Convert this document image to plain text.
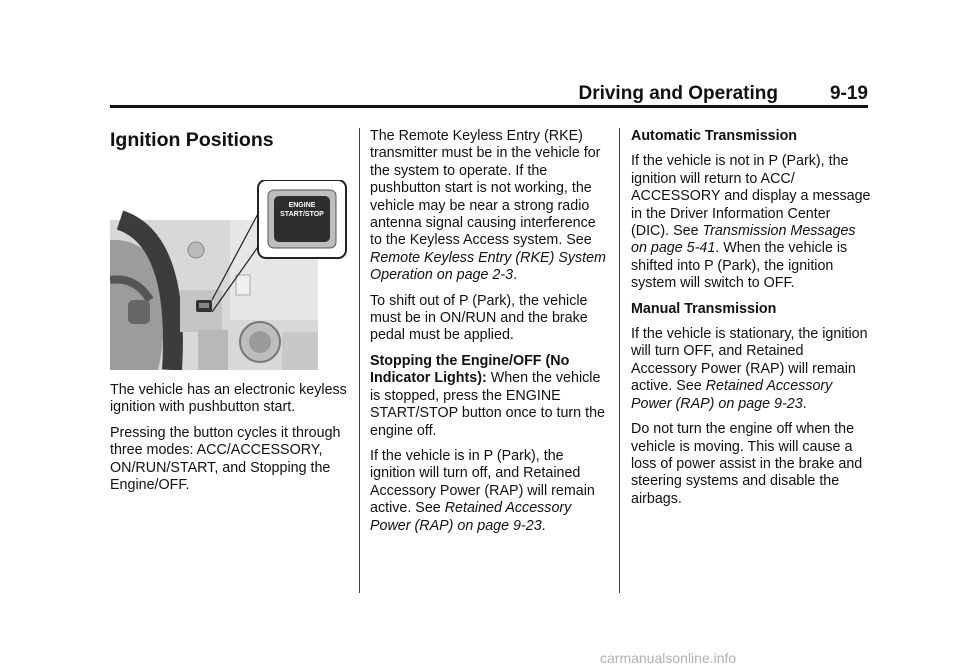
Driving and Operating	9-19
Ignition Positions
ENGINE
START/STOP

The vehicle has an electronic keyless ignition with pushbutton start.

Pressing the button cycles it through three modes: ACC/ACCESSORY, ON/RUN/START, and Stopping the Engine/OFF.

The Remote Keyless Entry (RKE) transmitter must be in the vehicle for the system to operate. If the pushbutton start is not working, the vehicle may be near a strong radio antenna signal causing interference to the Keyless Access system. See Remote Keyless Entry (RKE) System Operation on page 2-3.

To shift out of P (Park), the vehicle must be in ON/RUN and the brake pedal must be applied.

Stopping the Engine/OFF (No Indicator Lights): When the vehicle is stopped, press the ENGINE START/STOP button once to turn the engine off.

If the vehicle is in P (Park), the ignition will turn off, and Retained Accessory Power (RAP) will remain active. See Retained Accessory Power (RAP) on page 9-23.

Automatic Transmission

If the vehicle is not in P (Park), the ignition will return to ACC/ ACCESSORY and display a message in the Driver Information Center (DIC). See Transmission Messages on page 5-41. When the vehicle is shifted into P (Park), the ignition system will switch to OFF.

Manual Transmission

If the vehicle is stationary, the ignition will turn OFF, and Retained Accessory Power (RAP) will remain active. See Retained Accessory Power (RAP) on page 9-23.

Do not turn the engine off when the vehicle is moving. This will cause a loss of power assist in the brake and steering systems and disable the airbags.

carmanualsonline.info
